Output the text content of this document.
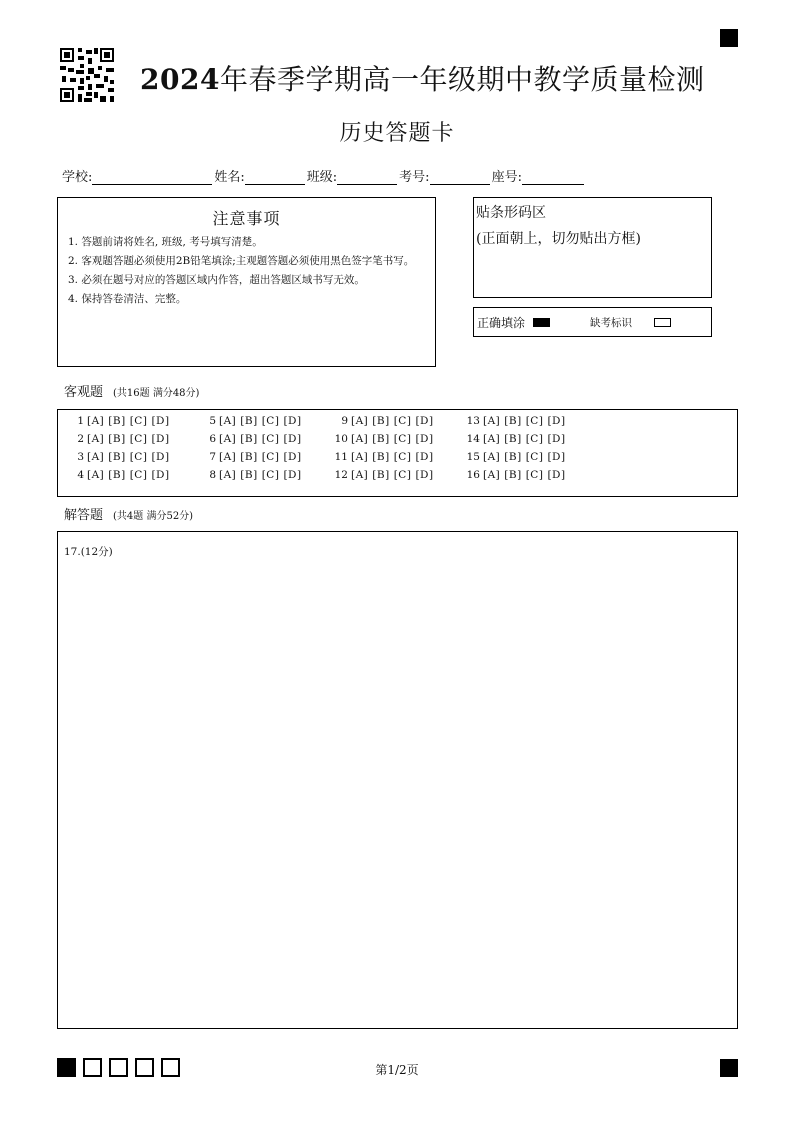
2024年春季学期高一年级期中教学质量检测
历史答题卡
学校:	姓名:	班级:	考号:	座号:
注意事项
1. 答题前请将姓名, 班级, 考号填写清楚。
2. 客观题答题必须使用2B铅笔填涂;主观题答题必须使用黑色签字笔书写。
3. 必须在题号对应的答题区域内作答，超出答题区域书写无效。
4. 保持答卷清洁、完整。
贴条形码区
(正面朝上，切勿贴出方框)
正确填涂	缺考标识
客观题 (共16题 满分48分)
1 [A] [B] [C] [D]	5 [A] [B] [C] [D]	9 [A] [B] [C] [D]	13 [A] [B] [C] [D]
2 [A] [B] [C] [D]	6 [A] [B] [C] [D]	10 [A] [B] [C] [D]	14 [A] [B] [C] [D]
3 [A] [B] [C] [D]	7 [A] [B] [C] [D]	11 [A] [B] [C] [D]	15 [A] [B] [C] [D]
4 [A] [B] [C] [D]	8 [A] [B] [C] [D]	12 [A] [B] [C] [D]	16 [A] [B] [C] [D]
解答题 (共4题 满分52分)
17.(12分)
第1/2页
